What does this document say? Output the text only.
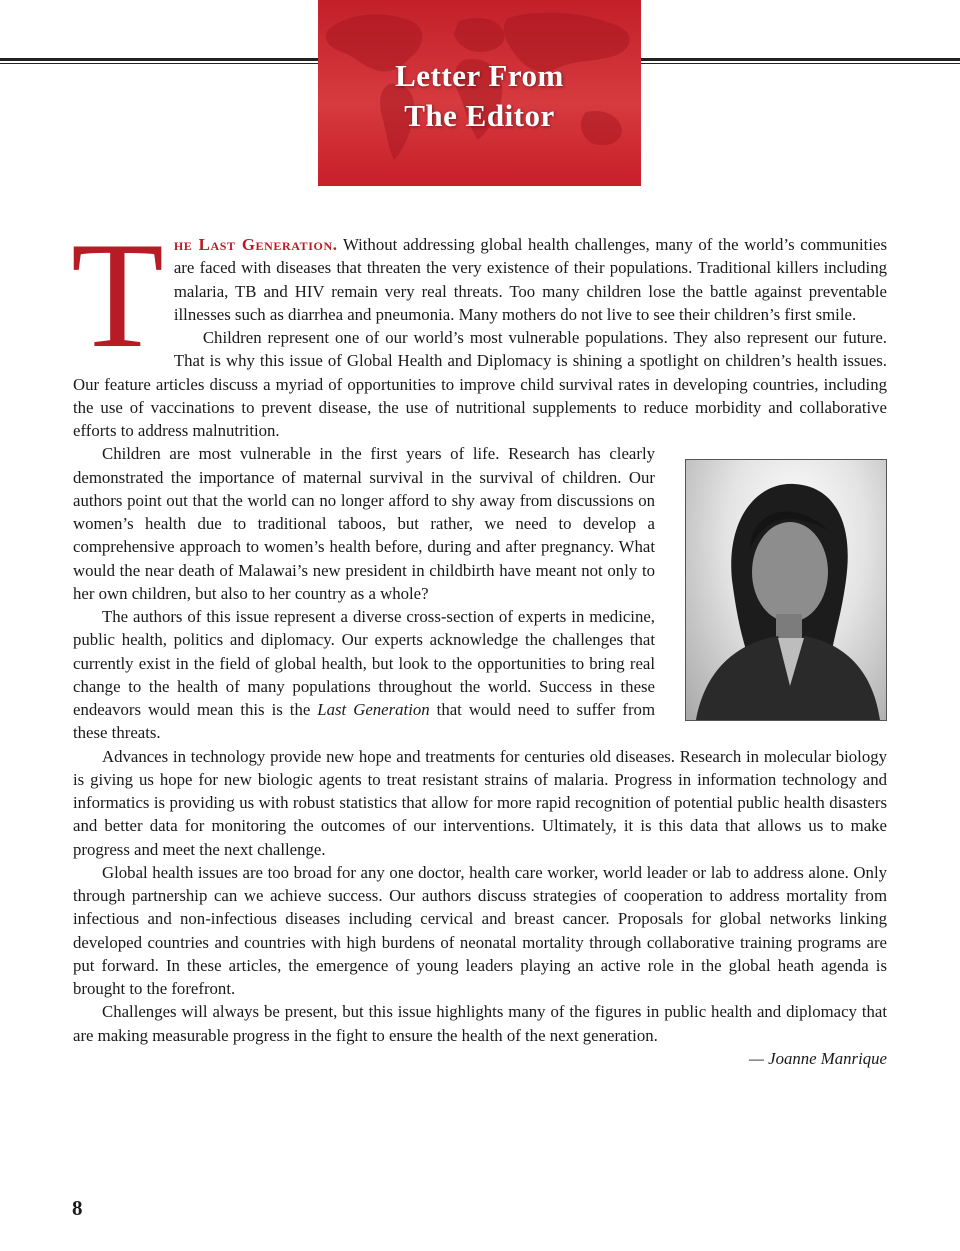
Letter From
The Editor

The Last Generation. Without addressing global health challenges, many of the world’s communities are faced with diseases that threaten the very existence of their populations. Traditional killers including malaria, TB and HIV remain very real threats. Too many children lose the battle against preventable illnesses such as diarrhea and pneumonia. Many mothers do not live to see their children’s first smile.

Children represent one of our world’s most vulnerable populations. They also represent our future. That is why this issue of Global Health and Diplomacy is shining a spotlight on children’s health issues. Our feature articles discuss a myriad of opportunities to improve child survival rates in developing countries, including the use of vaccinations to prevent disease, the use of nutritional supplements to reduce morbidity and collaborative efforts to address malnutrition.

Children are most vulnerable in the first years of life. Research has clearly demonstrated the importance of maternal survival in the survival of children. Our authors point out that the world can no longer afford to shy away from discussions on women’s health due to traditional taboos, but rather, we need to develop a comprehensive approach to women’s health before, during and after pregnancy. What would the near death of Malawai’s new president in childbirth have meant not only to her own children, but also to her country as a whole?

The authors of this issue represent a diverse cross-section of experts in medicine, public health, politics and diplomacy. Our experts acknowledge the challenges that currently exist in the field of global health, but look to the opportunities to bring real change to the health of many populations throughout the world. Success in these endeavors would mean this is the Last Generation that would need to suffer from these threats.

Advances in technology provide new hope and treatments for centuries old diseases. Research in molecular biology is giving us hope for new biologic agents to treat resistant strains of malaria. Progress in information technology and informatics is providing us with robust statistics that allow for more rapid recognition of potential public health disasters and better data for monitoring the outcomes of our interventions. Ultimately, it is this data that allows us to make progress and meet the next challenge.

Global health issues are too broad for any one doctor, health care worker, world leader or lab to address alone. Only through partnership can we achieve success. Our authors discuss strategies of cooperation to address mortality from infectious and non-infectious diseases including cervical and breast cancer. Proposals for global networks linking developed countries and countries with high burdens of neonatal mortality through collaborative training programs are put forward. In these articles, the emergence of young leaders playing an active role in the global heath agenda is brought to the forefront.

Challenges will always be present, but this issue highlights many of the figures in public health and diplomacy that are making measurable progress in the fight to ensure the health of the next generation.

— Joanne Manrique

8
